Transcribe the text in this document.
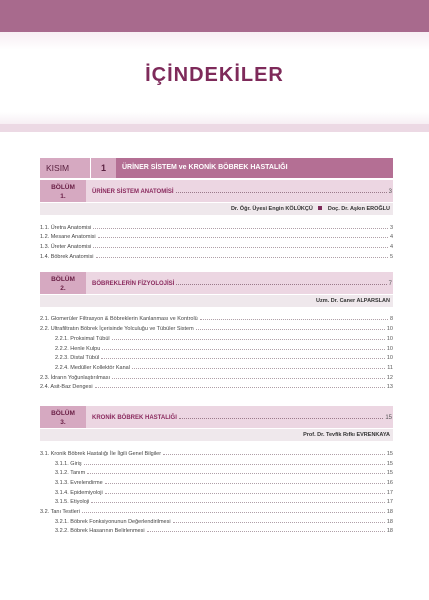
İÇİNDEKİLER
KISIM	1	ÜRİNER SİSTEM ve KRONİK BÖBREK HASTALIĞI
BÖLÜM
1.
ÜRİNER SİSTEM ANATOMİSİ	3
Dr. Öğr. Üyesi Engin KÖLÜKÇÜ	Doç. Dr. Aşkın EROĞLU
1.1. Üretra Anatomisi	3
1.2. Mesane Anatomisi	4
1.3. Üreter Anatomisi	4
1.4. Böbrek Anatomisi	5
BÖLÜM
2.
BÖBREKLERİN FİZYOLOJİSİ	7
Uzm. Dr. Caner ALPARSLAN
2.1. Glomerüler Filtrasyon & Böbreklerin Kanlanması ve Kontrolü	8
2.2. Ultrafiltratın Böbrek İçerisinde Yolculuğu ve Tübüler Sistem	10
2.2.1. Proksimal Tübül	10
2.2.2. Henle Kulpu	10
2.2.3. Distal Tübül	10
2.2.4. Medüller Kollektör Kanal	11
2.3. İdrarın Yoğunlaştırılması	12
2.4. Asit-Baz Dengesi	13
BÖLÜM
3.
KRONİK BÖBREK HASTALIĞI	15
Prof. Dr. Tevfik Rıfkı EVRENKAYA
3.1. Kronik Böbrek Hastalığı İle İlgili Genel Bilgiler	15
3.1.1. Giriş	15
3.1.2. Tanım	15
3.1.3. Evrelendirme	16
3.1.4. Epidemiyoloji	17
3.1.5. Etiyoloji	17
3.2. Tanı Testleri	18
3.2.1. Böbrek Fonksiyonunun Değerlendirilmesi	18
3.2.2. Böbrek Hasarının Belirlenmesi	18
